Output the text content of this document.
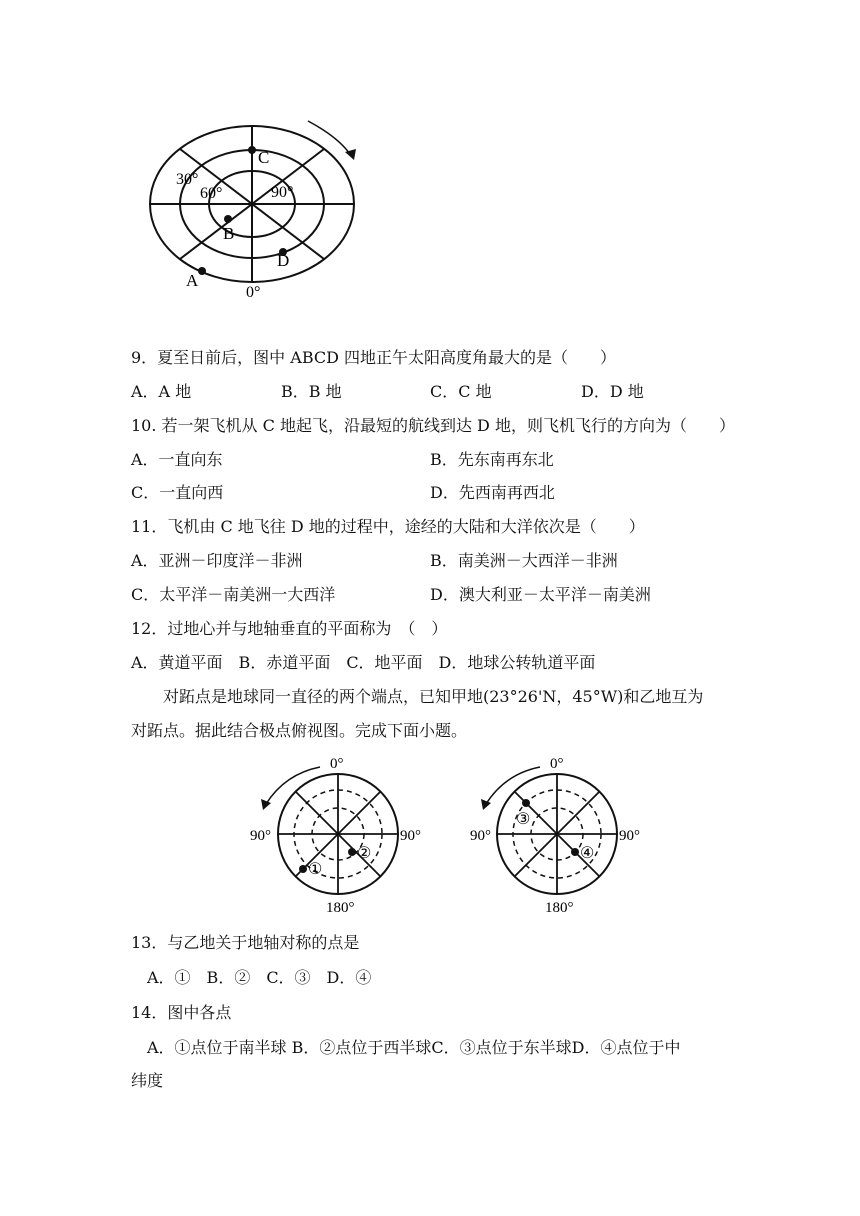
C
B
D
A
30°
60°	90°
0°
9．夏至日前后，图中 ABCD 四地正午太阳高度角最大的是（　　）
A．A 地	B．B 地	C．C 地	D．D 地
10. 若一架飞机从 C 地起飞，沿最短的航线到达 D 地，则飞机飞行的方向为（　　）
A．一直向东	B．先东南再东北
C．一直向西	D．先西南再西北
11．飞机由 C 地飞往 D 地的过程中，途经的大陆和大洋依次是（　　）
A．亚洲－印度洋－非洲	B．南美洲－大西洋－非洲
C．太平洋－南美洲一大西洋	D．澳大利亚－太平洋－南美洲
12．过地心并与地轴垂直的平面称为　（　）
A．黄道平面　B．赤道平面　C．地平面　D．地球公转轨道平面
对跖点是地球同一直径的两个端点，已知甲地(23°26'N，45°W)和乙地互为
对跖点。据此结合极点俯视图。完成下面小题。
0°
90°	90°
180°
①
②
0°
90°	90°
180°
③
④
13．与乙地关于地轴对称的点是
A．①　B．②　C．③　D．④
14．图中各点
A．①点位于南半球 B．②点位于西半球C．③点位于东半球D．④点位于中
纬度
